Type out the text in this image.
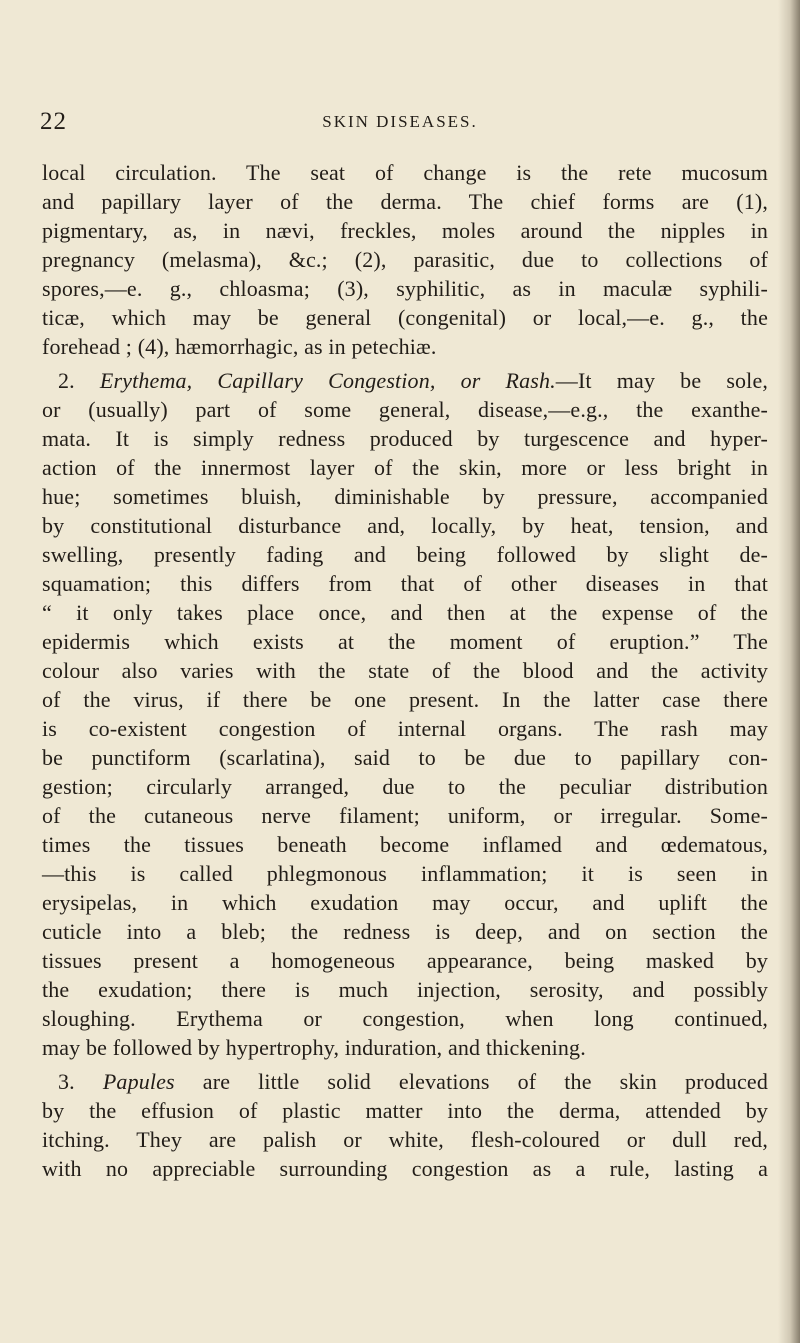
22	SKIN DISEASES.
local circulation. The seat of change is the rete mucosum
and papillary layer of the derma. The chief forms are (1),
pigmentary, as, in nævi, freckles, moles around the nipples in
pregnancy (melasma), &c.; (2), parasitic, due to collections of
spores,—e. g., chloasma; (3), syphilitic, as in maculæ syphili-
ticæ, which may be general (congenital) or local,—e. g., the
forehead ; (4), hæmorrhagic, as in petechiæ.
2. Erythema, Capillary Congestion, or Rash.—It may be sole,
or (usually) part of some general, disease,—e.g., the exanthe-
mata. It is simply redness produced by turgescence and hyper-
action of the innermost layer of the skin, more or less bright in
hue; sometimes bluish, diminishable by pressure, accompanied
by constitutional disturbance and, locally, by heat, tension, and
swelling, presently fading and being followed by slight de-
squamation; this differs from that of other diseases in that
“ it only takes place once, and then at the expense of the
epidermis which exists at the moment of eruption.” The
colour also varies with the state of the blood and the activity
of the virus, if there be one present. In the latter case there
is co-existent congestion of internal organs. The rash may
be punctiform (scarlatina), said to be due to papillary con-
gestion; circularly arranged, due to the peculiar distribution
of the cutaneous nerve filament; uniform, or irregular. Some-
times the tissues beneath become inflamed and œdematous,
—this is called phlegmonous inflammation; it is seen in
erysipelas, in which exudation may occur, and uplift the
cuticle into a bleb; the redness is deep, and on section the
tissues present a homogeneous appearance, being masked by
the exudation; there is much injection, serosity, and possibly
sloughing. Erythema or congestion, when long continued,
may be followed by hypertrophy, induration, and thickening.
3. Papules are little solid elevations of the skin produced
by the effusion of plastic matter into the derma, attended by
itching. They are palish or white, flesh-coloured or dull red,
with no appreciable surrounding congestion as a rule, lasting a
